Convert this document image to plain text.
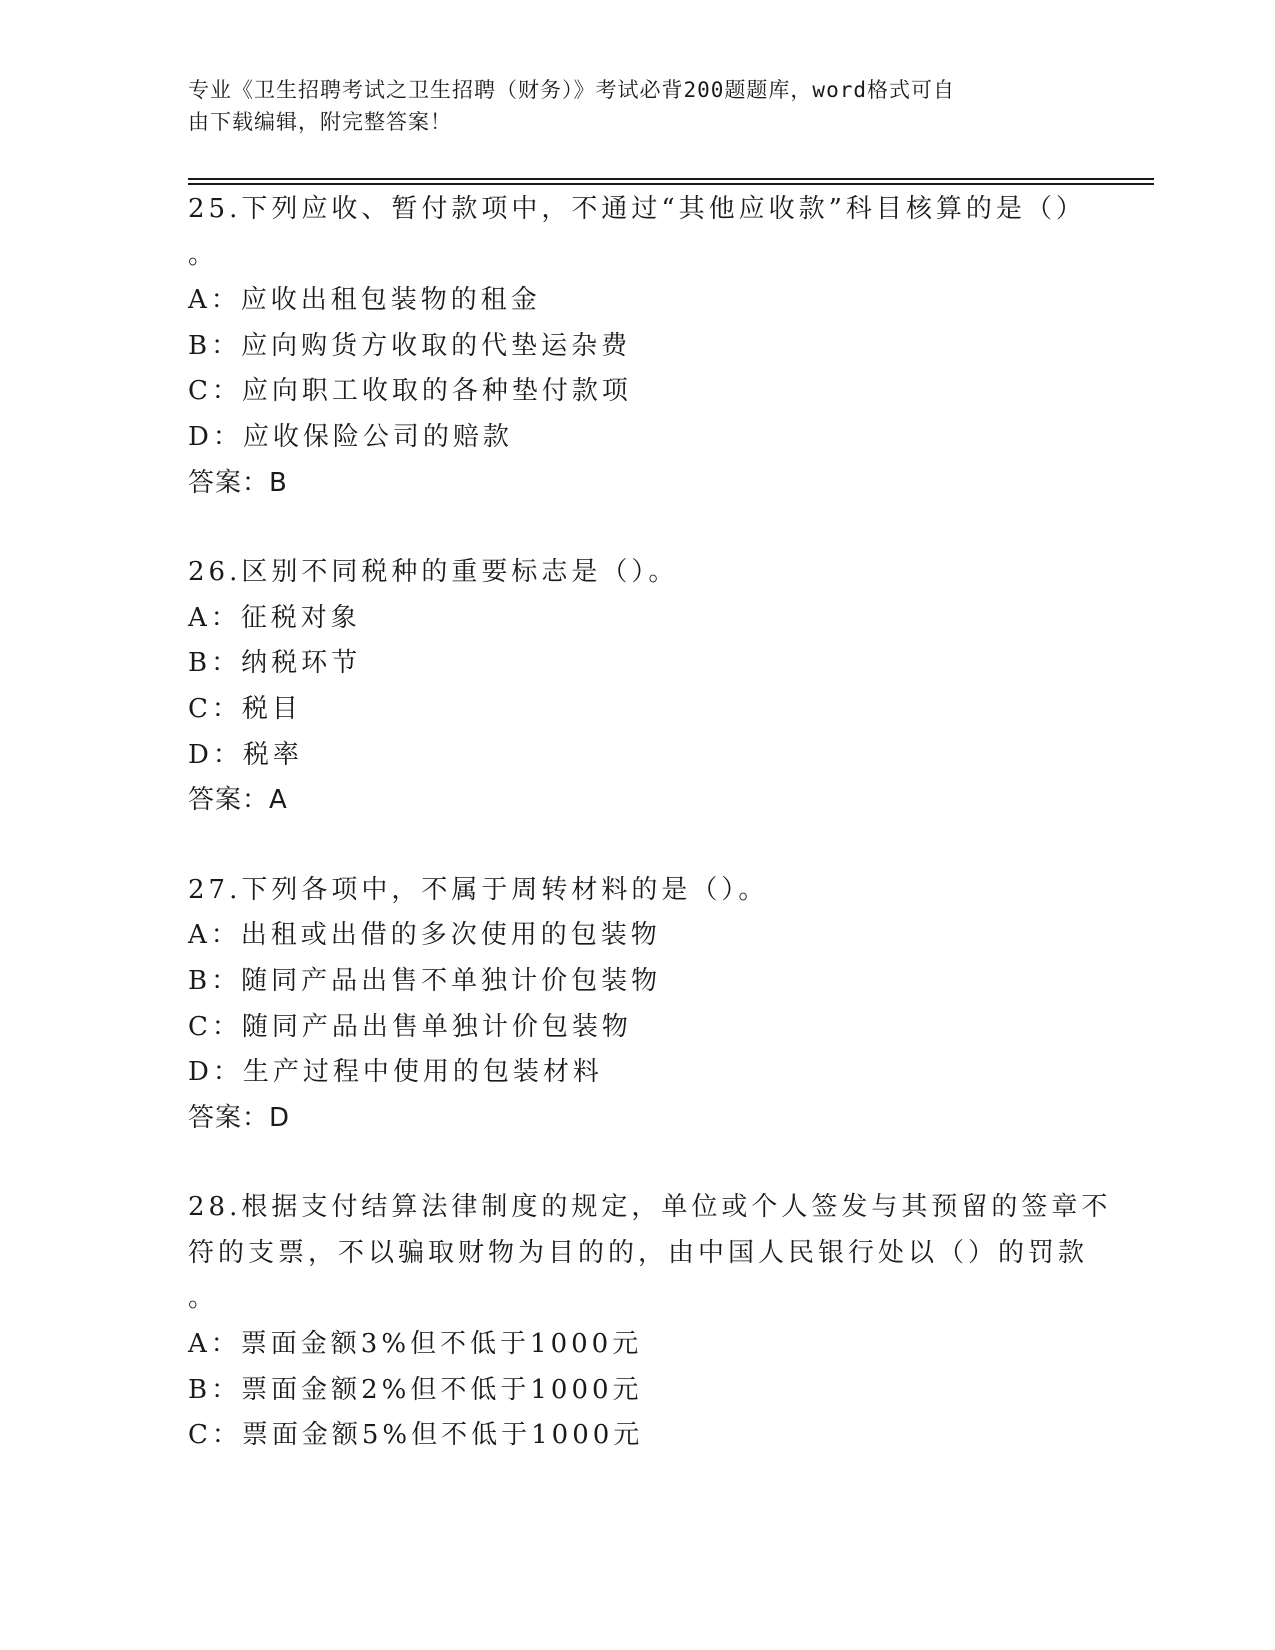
专业《卫生招聘考试之卫生招聘（财务）》考试必背200题题库，word格式可自
由下载编辑，附完整答案！
25.下列应收、暂付款项中，不通过“其他应收款”科目核算的是（）
。
A：应收出租包装物的租金
B：应向购货方收取的代垫运杂费
C：应向职工收取的各种垫付款项
D：应收保险公司的赔款
答案：B
26.区别不同税种的重要标志是（）。
A：征税对象
B：纳税环节
C：税目
D：税率
答案：A
27.下列各项中，不属于周转材料的是（）。
A：出租或出借的多次使用的包装物
B：随同产品出售不单独计价包装物
C：随同产品出售单独计价包装物
D：生产过程中使用的包装材料
答案：D
28.根据支付结算法律制度的规定，单位或个人签发与其预留的签章不
符的支票，不以骗取财物为目的的，由中国人民银行处以（）的罚款
。
A：票面金额3%但不低于1000元
B：票面金额2%但不低于1000元
C：票面金额5%但不低于1000元
